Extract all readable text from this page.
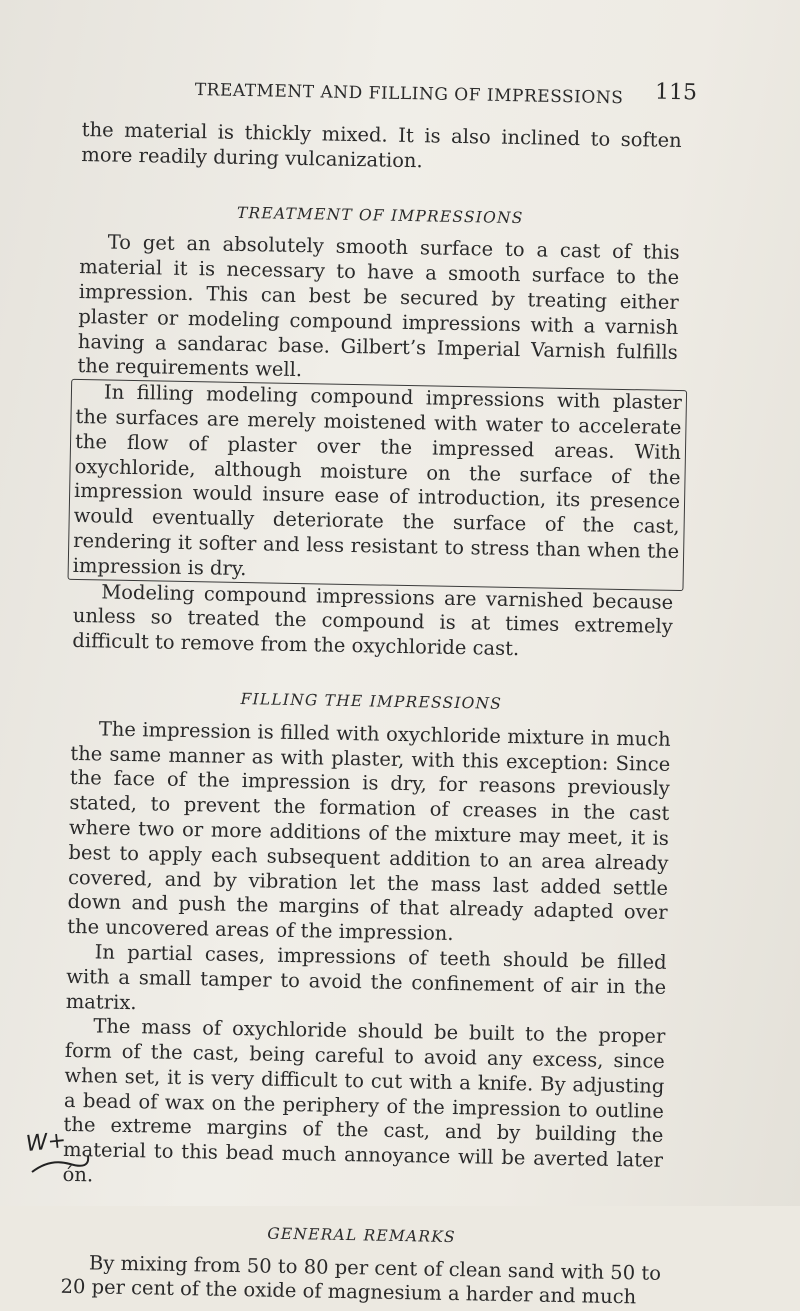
TREATMENT AND FILLING OF IMPRESSIONS	115

the material is thickly mixed. It is also inclined to soften more readily during vulcanization.

TREATMENT OF IMPRESSIONS

To get an absolutely smooth surface to a cast of this material it is necessary to have a smooth surface to the impression. This can best be secured by treating either plaster or modeling compound impressions with a varnish having a sandarac base. Gilbert’s Imperial Varnish fulfills the requirements well.

In filling modeling compound impressions with plaster the surfaces are merely moistened with water to accelerate the flow of plaster over the impressed areas. With oxychloride, although moisture on the surface of the impression would insure ease of introduction, its presence would eventually deteriorate the surface of the cast, rendering it softer and less resistant to stress than when the impression is dry.

Modeling compound impressions are varnished because unless so treated the compound is at times extremely difficult to remove from the oxychloride cast.

FILLING THE IMPRESSIONS

The impression is filled with oxychloride mixture in much the same manner as with plaster, with this exception: Since the face of the impression is dry, for reasons previously stated, to prevent the formation of creases in the cast where two or more additions of the mixture may meet, it is best to apply each subsequent addition to an area already covered, and by vibration let the mass last added settle down and push the margins of that already adapted over the uncovered areas of the impression.

In partial cases, impressions of teeth should be filled with a small tamper to avoid the confinement of air in the matrix.

The mass of oxychloride should be built to the proper form of the cast, being careful to avoid any excess, since when set, it is very difficult to cut with a knife. By adjusting a bead of wax on the periphery of the impression to outline the extreme margins of the cast, and by building the material to this bead much annoyance will be averted later ón.

GENERAL REMARKS

By mixing from 50 to 80 per cent of clean sand with 50 to 20 per cent of the oxide of magnesium a harder and much

W+
